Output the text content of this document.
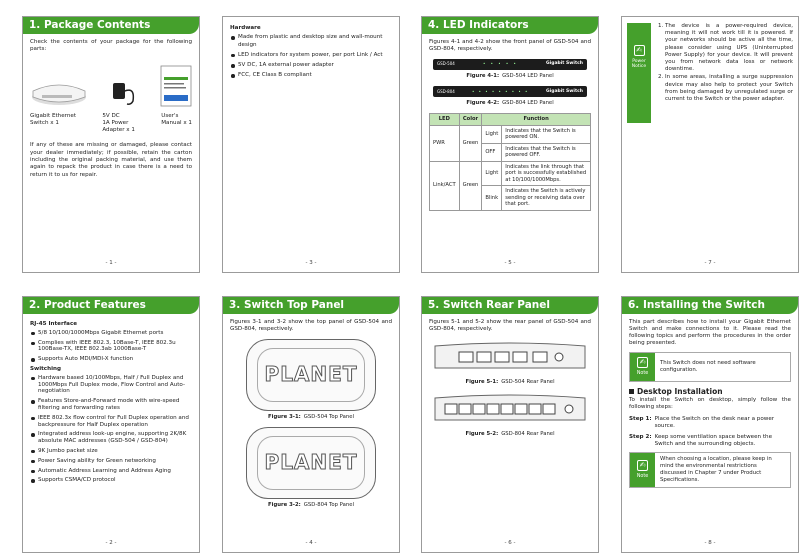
1. Package Contents

Check the contents of your package for the following parts:

Gigabit Ethernet
Switch x 1
5V DC
1A Power
Adapter x 1
User's
Manual x 1

If any of these are missing or damaged, please contact your dealer immediately; if possible, retain the carton including the original packing material, and use them again to repack the product in case there is a need to return it to us for repair.

- 1 -
Hardware
Made from plastic and desktop size and wall-mount design
LED indicators for system power, per port Link / Act
5V DC, 1A external power adapter
FCC, CE Class B compliant
- 3 -
4. LED Indicators

Figures 4-1 and 4-2 show the front panel of GSD-504 and GSD-804, respectively.

GSD-504	• • • • •	Gigabit Switch
Figure 4-1: GSD-504 LED Panel
GSD-804	• • • • • • • • •	Gigabit Switch
Figure 4-2: GSD-804 LED Panel
LED	Color	Function	
PWR	Green	Light	Indicates that the Switch is powered ON.
		OFF	Indicates that the Switch is powered OFF.
Link/ACT	Green	Light	Indicates the link through that port is successfully established at 10/100/1000Mbps.
		Blink	Indicates the Switch is actively sending or receiving data over that port.
- 5 -
✍
Power Notice
1. The device is a power-required device, meaning it will not work till it is powered. If your networks should be active all the time, please consider using UPS (Uninterrupted Power Supply) for your device. It will prevent you from network data loss or network downtime.
2. In some areas, installing a surge suppression device may also help to protect your Switch from being damaged by unregulated surge or current to the Switch or the power adapter.
- 7 -
2. Product Features
RJ-45 Interface
5/8 10/100/1000Mbps Gigabit Ethernet ports
Complies with IEEE 802.3, 10Base-T, IEEE 802.3u 100Base-TX, IEEE 802.3ab 1000Base-T
Supports Auto MDI/MDI-X function
Switching
Hardware based 10/100Mbps, Half / Full Duplex and 1000Mbps Full Duplex mode, Flow Control and Auto-negotiation
Features Store-and-Forward mode with wire-speed filtering and forwarding rates
IEEE 802.3x flow control for Full Duplex operation and backpressure for Half Duplex operation
Integrated address look-up engine, supporting 2K/8K absolute MAC addresses (GSD-504 / GSD-804)
9K Jumbo packet size
Power Saving ability for Green networking
Automatic Address Learning and Address Aging
Supports CSMA/CD protocol
- 2 -
3. Switch Top Panel

Figures 3-1 and 3-2 show the top panel of GSD-504 and GSD-804, respectively.

PLANET
Figure 3-1: GSD-504 Top Panel
PLANET
Figure 3-2: GSD-804 Top Panel
- 4 -
5. Switch Rear Panel

Figures 5-1 and 5-2 show the rear panel of GSD-504 and GSD-804, respectively.

Figure 5-1: GSD-504 Rear Panel
Figure 5-2: GSD-804 Rear Panel
- 6 -
6. Installing the Switch

This part describes how to install your Gigabit Ethernet Switch and make connections to it. Please read the following topics and perform the procedures in the order being presented.

✍
Note
This Switch does not need software configuration.
Desktop Installation

To install the Switch on desktop, simply follow the following steps:

Step 1: Place the Switch on the desk near a power source.
Step 2: Keep some ventilation space between the Switch and the surrounding objects.
✍
Note
When choosing a location, please keep in mind the environmental restrictions discussed in Chapter 7 under Product Specifications.
- 8 -
